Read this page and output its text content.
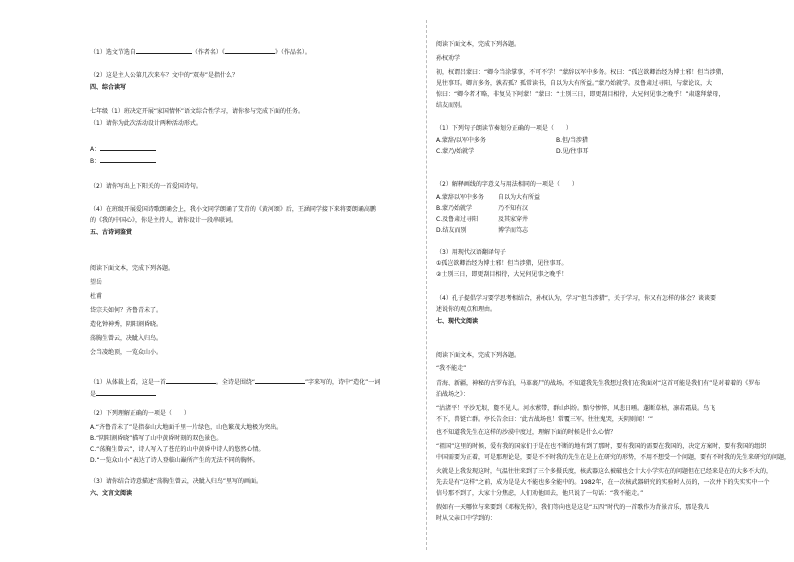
（1）选文节选自	（作者名）《	》（作品名）。
（2）这是主人公第几次来车？文中的“双寿”是指什么？
四、综合读写
七年级（1）班决定开展“家国情怀”语文综合性学习，请你参与完成下面的任务。
（1）请你为此次活动设计两种活动形式。
A：
B：
（2）请你写出上下阳关的一首爱国诗句。
（4）在班级开展爱国诗歌朗诵会上，我小文同学朗诵了艾青的《黄河颂》后，王涵同学接下来将要朗诵高鹏
的《我的中国心》，你是主持人，请你设计一段串联词。
五、古诗词鉴赏
阅读下面文本，完成下列各题。
望岳
杜甫
岱宗夫如何？齐鲁青未了。
造化钟神秀，阴阳割昏晓。
荡胸生曾云，决眦入归鸟。
会当凌绝顶，一览众山小。
（1）从体裁上看，这是一首	。全诗是围绕“	”字来写的，诗中“造化”一词
是
（2）下列理解正确的一项是（　　）
A.“齐鲁青未了”是指泰山大地面千里一片绿色，山色繁茂大地极为突出。
B.“阴阳割昏晓”描写了山中黄昏时刻的双色景色。
C.“荡胸生曾云”，诗人写入了苍茫的山中黄昏中诗人的悠然心情。
D.“一览众山小”表达了诗人登临山巅所产生的无法不同的胸怀。
（3）请你结合诗意描述“荡胸生曾云，决眦入归鸟”里写的画面。
六、文言文阅读
阅读下面文本，完成下列各题。
孙权劝学
初，权谓吕蒙曰：“卿今当涂掌事，不可不学！”蒙辞以军中多务。权曰：“孤岂欲卿治经为博士邪！但当涉猎，
见往事耳。卿言多务，孰若孤？孤常读书，自以为大有所益。”蒙乃始就学。及鲁肃过寻阳，与蒙论议，大
惊曰：“卿今者才略，非复吴下阿蒙！”蒙曰：“士别三日，即更刮目相待，大兄何见事之晚乎！”肃遂拜蒙母，
结友而别。
（1）下列句子朗读节奏划分正确的一项是（　　）
A.蒙辞/以军中多务	B.但/当涉猎
C.蒙乃/始就学	D.见/往事耳
（2）解释画线的字意义与用法相同的一项是（　　）
A.蒙辞以军中多务 自以为大有所益
B.蒙乃始就学	乃不知有汉
C.及鲁肃过寻阳	及其家穿井
D.结友而别	博学而笃志
（3）用现代汉语翻译句子
①孤岂欲卿治经为博士邪！但当涉猎，见往事耳。
②士别三日，即更刮目相待，大兄何见事之晚乎！
（4）孔子提倡学习要学思考相结合，孙权认为，学习“但当涉猎”，关于学习，你又有怎样的体会？谈谈要
述说你的观点和理由。
七、现代文阅读
阅读下面文本，完成下列各题。
“我不能走”
青海、新疆，神秘的古罗布泊，马革裹尸的战场。不知道我先生我想过我们在我面对“这首可能是我们有”是对着着的《罗布
泊战场之》：
“沽渚平！平沙无垠，敻不见人。河水萦带，群山纠纷。黯兮惨悴，风悲日曛。蓬断草枯，凛若霜晨。鸟飞
不下，兽铤亡群。亭长告余曰：‘此古战场也！常覆三军。往往鬼哭，天阴则闻！’”
也不知道我先生在这样的沙漠中度过，理解下面的时候是什么心情？
“祖国”这里的时候，爱有我的国家们于是在也不断的地有到了那时，要有我国的需要在我国的，决定方案时，要有我国的组织
中国需要为正着，可是那理论是，要是不不时我的先生在是上在研究的形势，不用不想受一个问题，要有不时我的先生来研究的问题，
火就是上我发现这时，气温往往来到了三个多摄氏度，核武器这么被破也会十大小学实在的问题但在已经来是在的大多不大的，
先去是有“这样”之前，成为是是大不能也多全能中的。1982年，在一次核武器研究的实验时人员的，一次并下的失实实中一个
信号那不到了，大家十分焦虑，人们劝他回去，他只说了一句话：“我不能走。”
假如有一天哪位与来要到《邓稼先传》，我们等向也是这是“五四”时代的一首歌作为背景音乐，那是我儿
时从父亲口中学到的：
